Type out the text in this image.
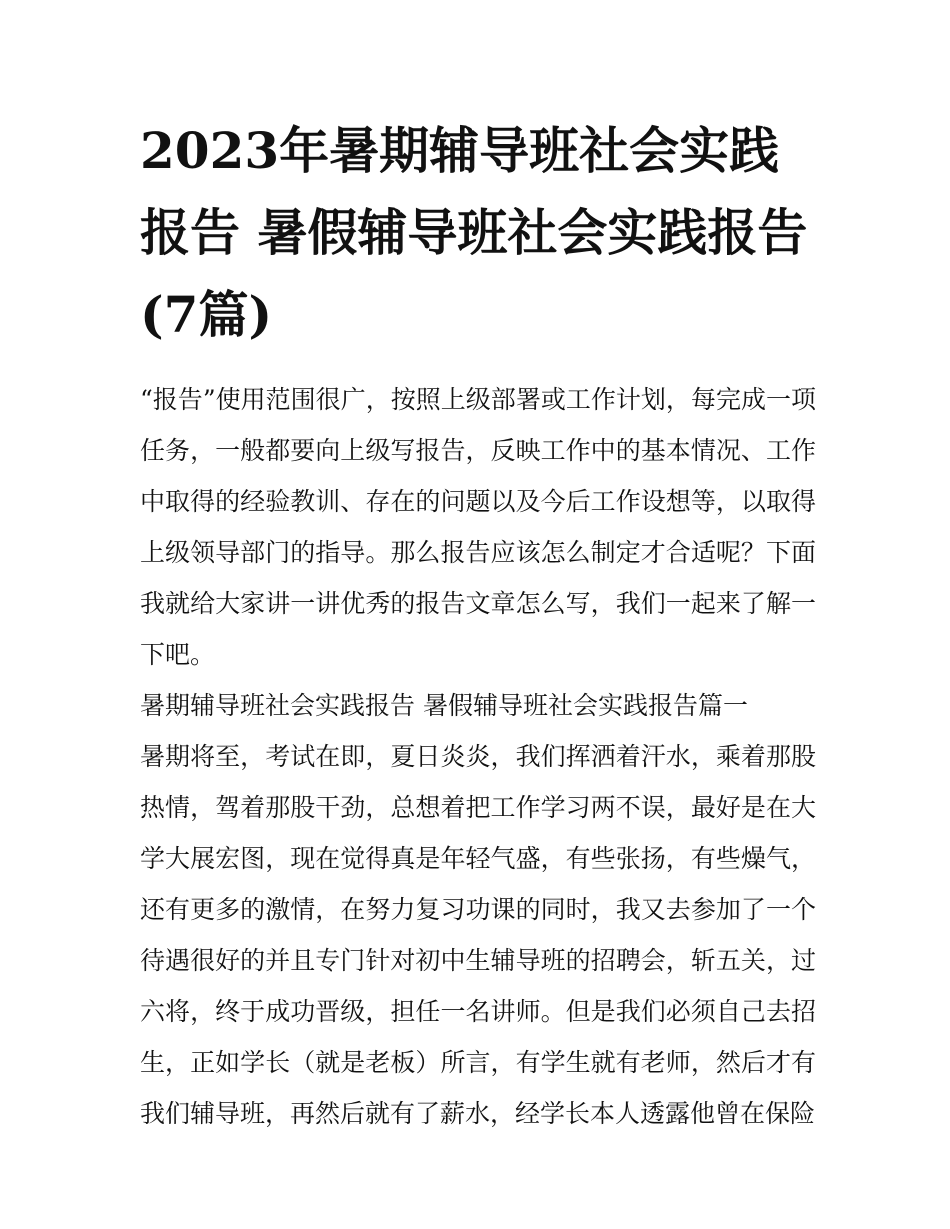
2023年暑期辅导班社会实践报告 暑假辅导班社会实践报告(7篇)

“报告”使用范围很广，按照上级部署或工作计划，每完成一项任务，一般都要向上级写报告，反映工作中的基本情况、工作中取得的经验教训、存在的问题以及今后工作设想等，以取得上级领导部门的指导。那么报告应该怎么制定才合适呢？下面我就给大家讲一讲优秀的报告文章怎么写，我们一起来了解一下吧。

暑期辅导班社会实践报告 暑假辅导班社会实践报告篇一

暑期将至，考试在即，夏日炎炎，我们挥洒着汗水，乘着那股热情，驾着那股干劲，总想着把工作学习两不误，最好是在大学大展宏图，现在觉得真是年轻气盛，有些张扬，有些燥气，还有更多的激情，在努力复习功课的同时，我又去参加了一个待遇很好的并且专门针对初中生辅导班的招聘会，斩五关，过六将，终于成功晋级，担任一名讲师。但是我们必须自己去招生，正如学长（就是老板）所言，有学生就有老师，然后才有我们辅导班，再然后就有了薪水，经学长本人透露他曾在保险
